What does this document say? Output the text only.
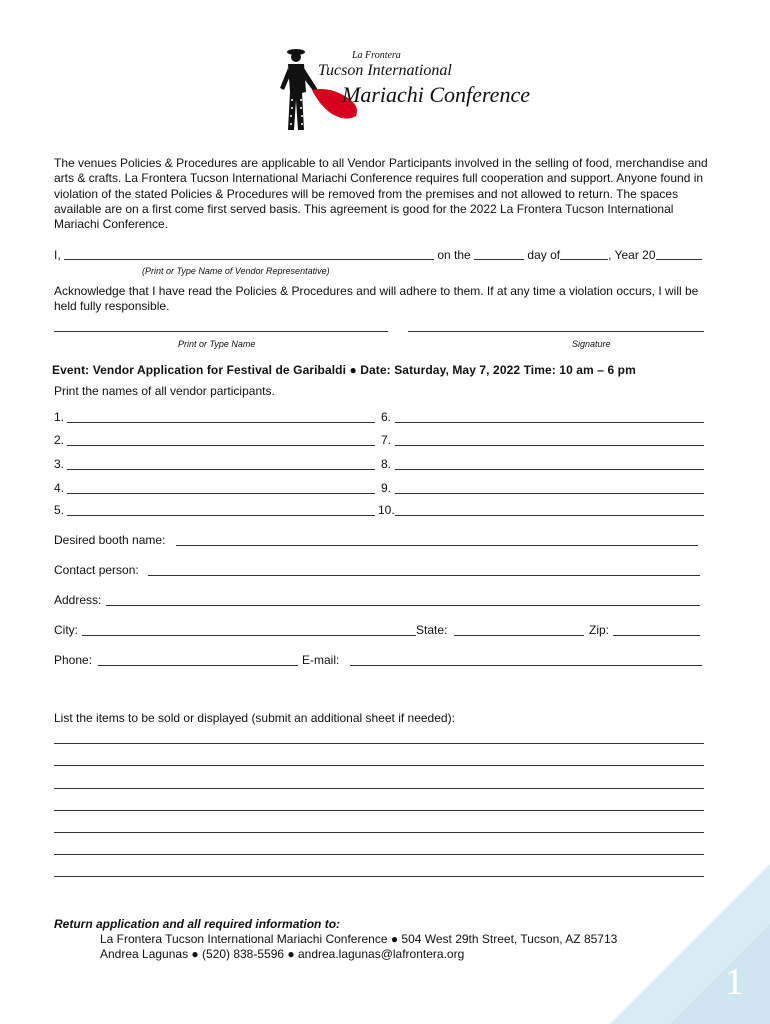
La Frontera
Tucson International
Mariachi Conference

The venues Policies & Procedures are applicable to all Vendor Participants involved in the selling of food, merchandise and arts & crafts. La Frontera Tucson International Mariachi Conference requires full cooperation and support. Anyone found in violation of the stated Policies & Procedures will be removed from the premises and not allowed to return. The spaces available are on a first come first served basis. This agreement is good for the 2022 La Frontera Tucson International Mariachi Conference.

I,	on the	day of	, Year 20
(Print or Type Name of Vendor Representative)

Acknowledge that I have read the Policies & Procedures and will adhere to them. If at any time a violation occurs, I will be held fully responsible.

Print or Type Name	Signature
Event: Vendor Application for Festival de Garibaldi ● Date: Saturday, May 7, 2022 Time: 10 am – 6 pm
Print the names of all vendor participants.
1.
2.
3.
4.
5.
6.
7.
8.
9.
10.
Desired booth name:
Contact person:
Address:
City:	State:	Zip:
Phone:	E-mail:
List the items to be sold or displayed (submit an additional sheet if needed):
Return application and all required information to:
La Frontera Tucson International Mariachi Conference ● 504 West 29th Street, Tucson, AZ 85713
Andrea Lagunas ● (520) 838-5596 ● andrea.lagunas@lafrontera.org
1
